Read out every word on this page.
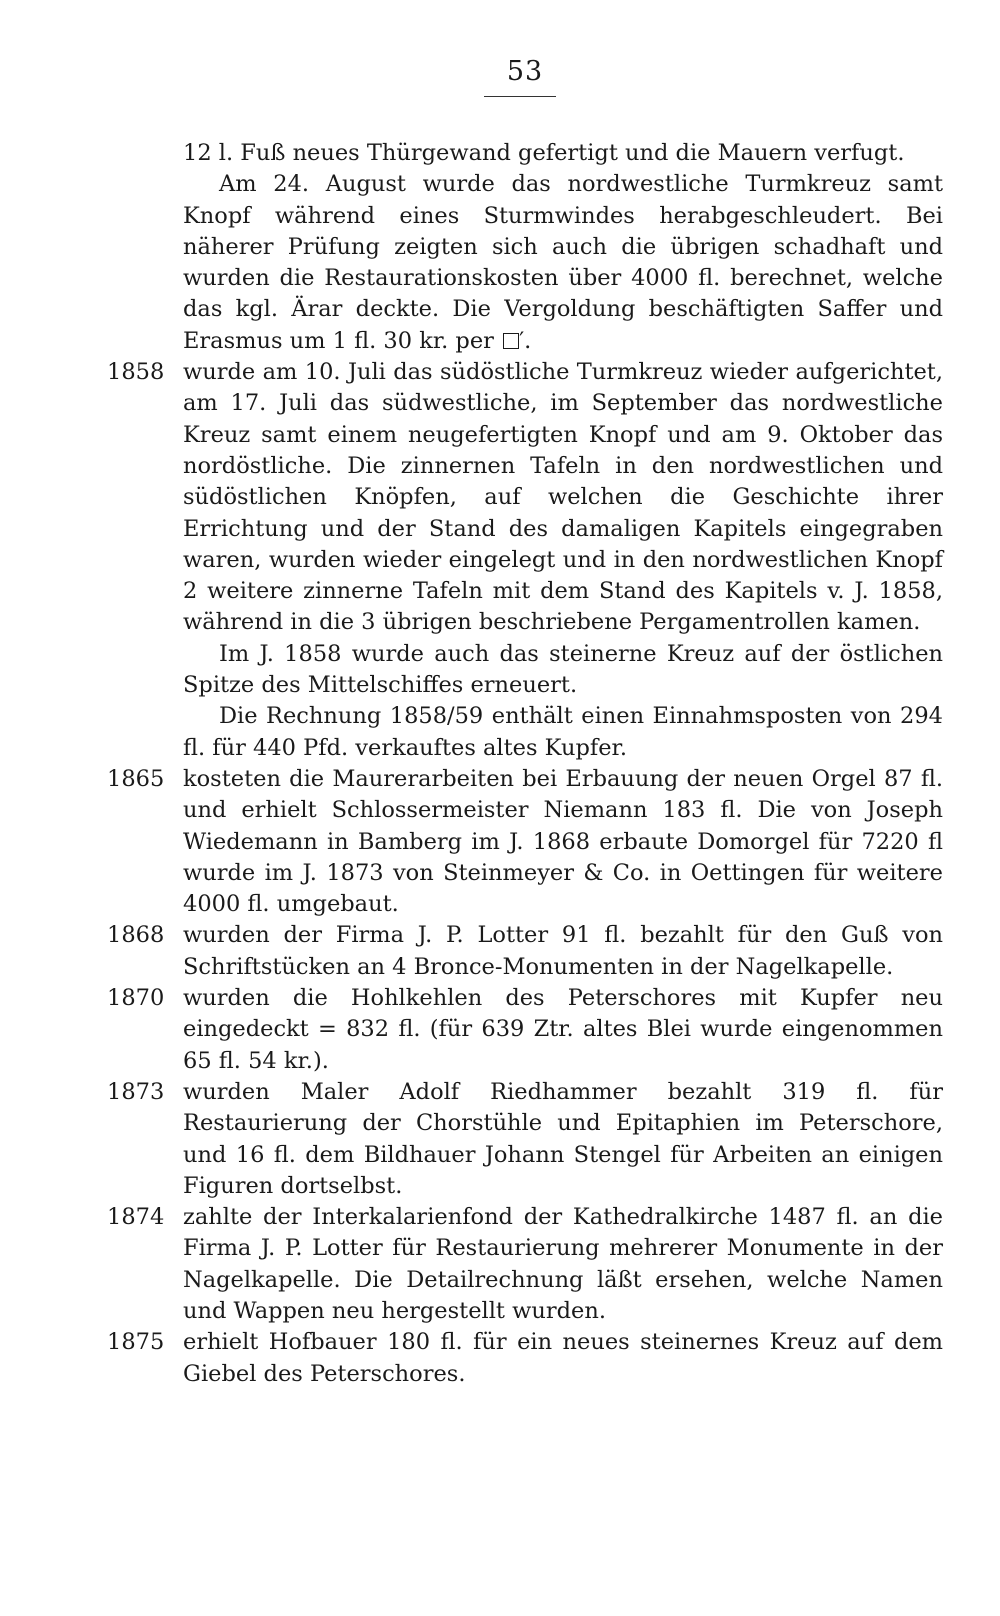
53
12 l. Fuß neues Thürgewand gefertigt und die Mauern verfugt.
Am 24. August wurde das nordwestliche Turmkreuz samt Knopf während eines Sturmwindes herabgeschleudert. Bei näherer Prüfung zeigten sich auch die übrigen schadhaft und wurden die Restaurationskosten über 4000 fl. berechnet, welche das kgl. Ärar deckte. Die Vergoldung beschäftigten Saffer und Erasmus um 1 fl. 30 kr. per ′.
1858 wurde am 10. Juli das südöstliche Turmkreuz wieder aufgerichtet, am 17. Juli das südwestliche, im September das nordwestliche Kreuz samt einem neugefertigten Knopf und am 9. Oktober das nordöstliche. Die zinnernen Tafeln in den nordwestlichen und südöstlichen Knöpfen, auf welchen die Geschichte ihrer Errichtung und der Stand des damaligen Kapitels eingegraben waren, wurden wieder eingelegt und in den nordwestlichen Knopf 2 weitere zinnerne Tafeln mit dem Stand des Kapitels v. J. 1858, während in die 3 übrigen beschriebene Pergamentrollen kamen.
Im J. 1858 wurde auch das steinerne Kreuz auf der östlichen Spitze des Mittelschiffes erneuert.
Die Rechnung 1858/59 enthält einen Einnahmsposten von 294 fl. für 440 Pfd. verkauftes altes Kupfer.
1865 kosteten die Maurerarbeiten bei Erbauung der neuen Orgel 87 fl. und erhielt Schlossermeister Niemann 183 fl. Die von Joseph Wiedemann in Bamberg im J. 1868 erbaute Domorgel für 7220 fl wurde im J. 1873 von Steinmeyer & Co. in Oettingen für weitere 4000 fl. umgebaut.
1868 wurden der Firma J. P. Lotter 91 fl. bezahlt für den Guß von Schriftstücken an 4 Bronce-Monumenten in der Nagelkapelle.
1870 wurden die Hohlkehlen des Peterschores mit Kupfer neu eingedeckt = 832 fl. (für 639 Ztr. altes Blei wurde eingenommen 65 fl. 54 kr.).
1873 wurden Maler Adolf Riedhammer bezahlt 319 fl. für Restaurierung der Chorstühle und Epitaphien im Peterschore, und 16 fl. dem Bildhauer Johann Stengel für Arbeiten an einigen Figuren dortselbst.
1874 zahlte der Interkalarienfond der Kathedralkirche 1487 fl. an die Firma J. P. Lotter für Restaurierung mehrerer Monumente in der Nagelkapelle. Die Detailrechnung läßt ersehen, welche Namen und Wappen neu hergestellt wurden.
1875 erhielt Hofbauer 180 fl. für ein neues steinernes Kreuz auf dem Giebel des Peterschores.
